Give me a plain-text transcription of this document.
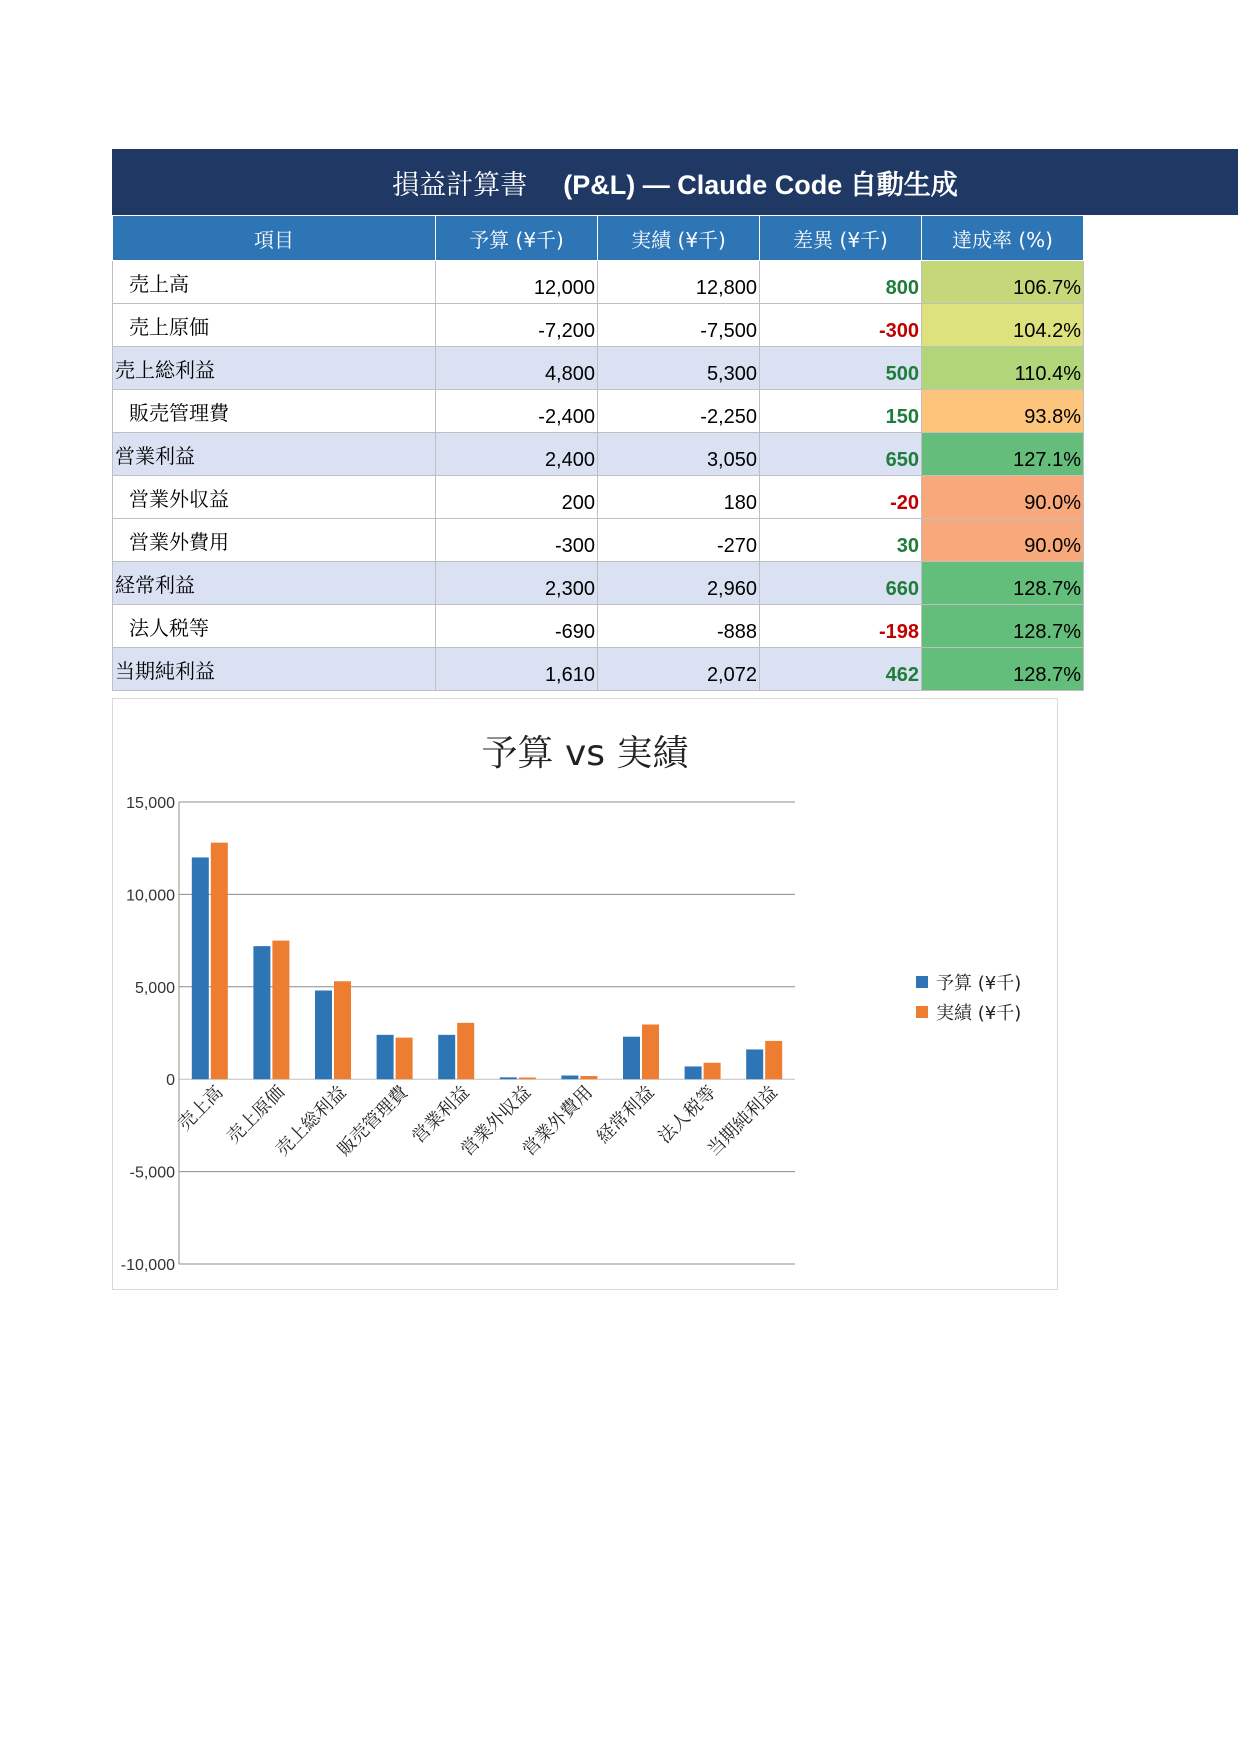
損益計算書 (P&L) — Claude Code 自動生成
項目	予算 (¥千)	実績 (¥千)	差異 (¥千)	達成率 (%)
売上高	12,000	12,800	800	106.7%
売上原価	-7,200	-7,500	-300	104.2%
売上総利益	4,800	5,300	500	110.4%
販売管理費	-2,400	-2,250	150	93.8%
営業利益	2,400	3,050	650	127.1%
営業外収益	200	180	-20	90.0%
営業外費用	-300	-270	30	90.0%
経常利益	2,300	2,960	660	128.7%
法人税等	-690	-888	-198	128.7%
当期純利益	1,610	2,072	462	128.7%
予算 vs 実績
15,000
10,000
5,000
0
-5,000
-10,000
売上高
売上原価
売上総利益
販売管理費
営業利益
営業外収益
営業外費用
経常利益
法人税等
当期純利益
予算 (¥千)
実績 (¥千)
